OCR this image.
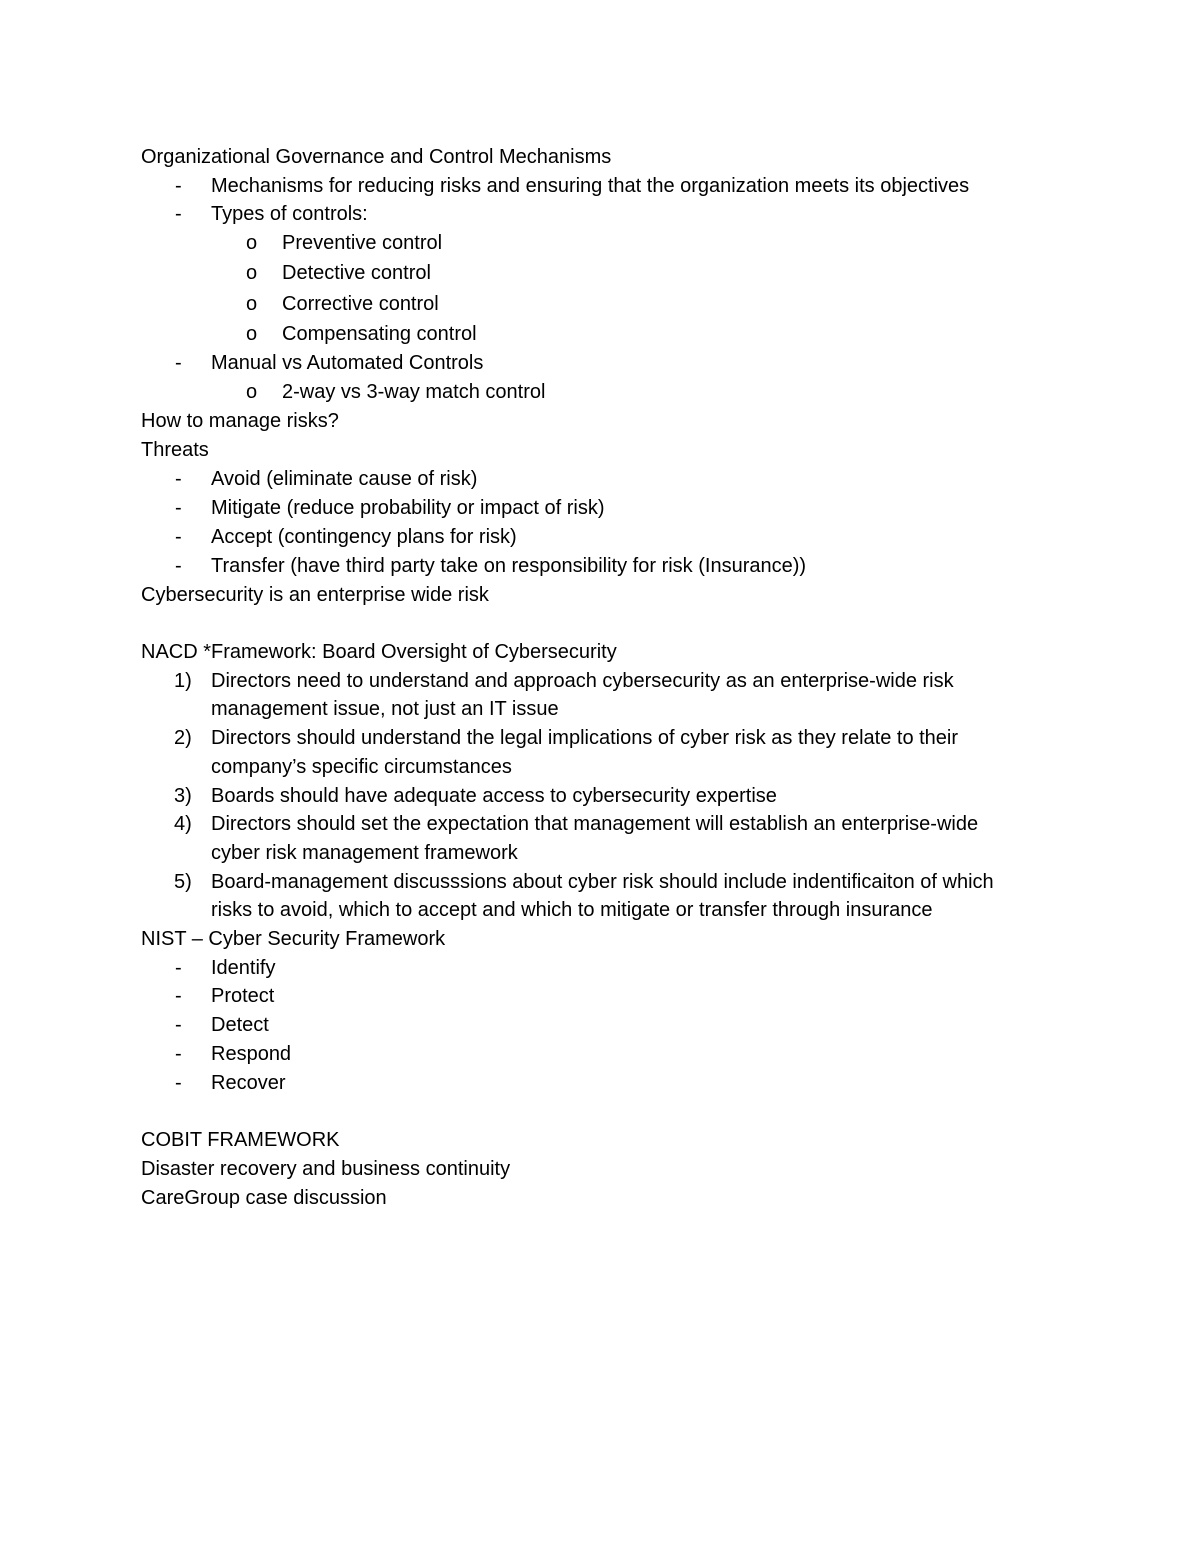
Organizational Governance and Control Mechanisms
- Mechanisms for reducing risks and ensuring that the organization meets its objectives
- Types of controls:
o Preventive control
o Detective control
o Corrective control
o Compensating control
- Manual vs Automated Controls
o 2-way vs 3-way match control
How to manage risks?
Threats
- Avoid (eliminate cause of risk)
- Mitigate (reduce probability or impact of risk)
- Accept (contingency plans for risk)
- Transfer (have third party take on responsibility for risk (Insurance))
Cybersecurity is an enterprise wide risk
NACD *Framework: Board Oversight of Cybersecurity
1) Directors need to understand and approach cybersecurity as an enterprise-wide risk
management issue, not just an IT issue
2) Directors should understand the legal implications of cyber risk as they relate to their
company’s specific circumstances
3) Boards should have adequate access to cybersecurity expertise
4) Directors should set the expectation that management will establish an enterprise-wide
cyber risk management framework
5) Board-management discusssions about cyber risk should include indentificaiton of which
risks to avoid, which to accept and which to mitigate or transfer through insurance
NIST – Cyber Security Framework
- Identify
- Protect
- Detect
- Respond
- Recover
COBIT FRAMEWORK
Disaster recovery and business continuity
CareGroup case discussion
